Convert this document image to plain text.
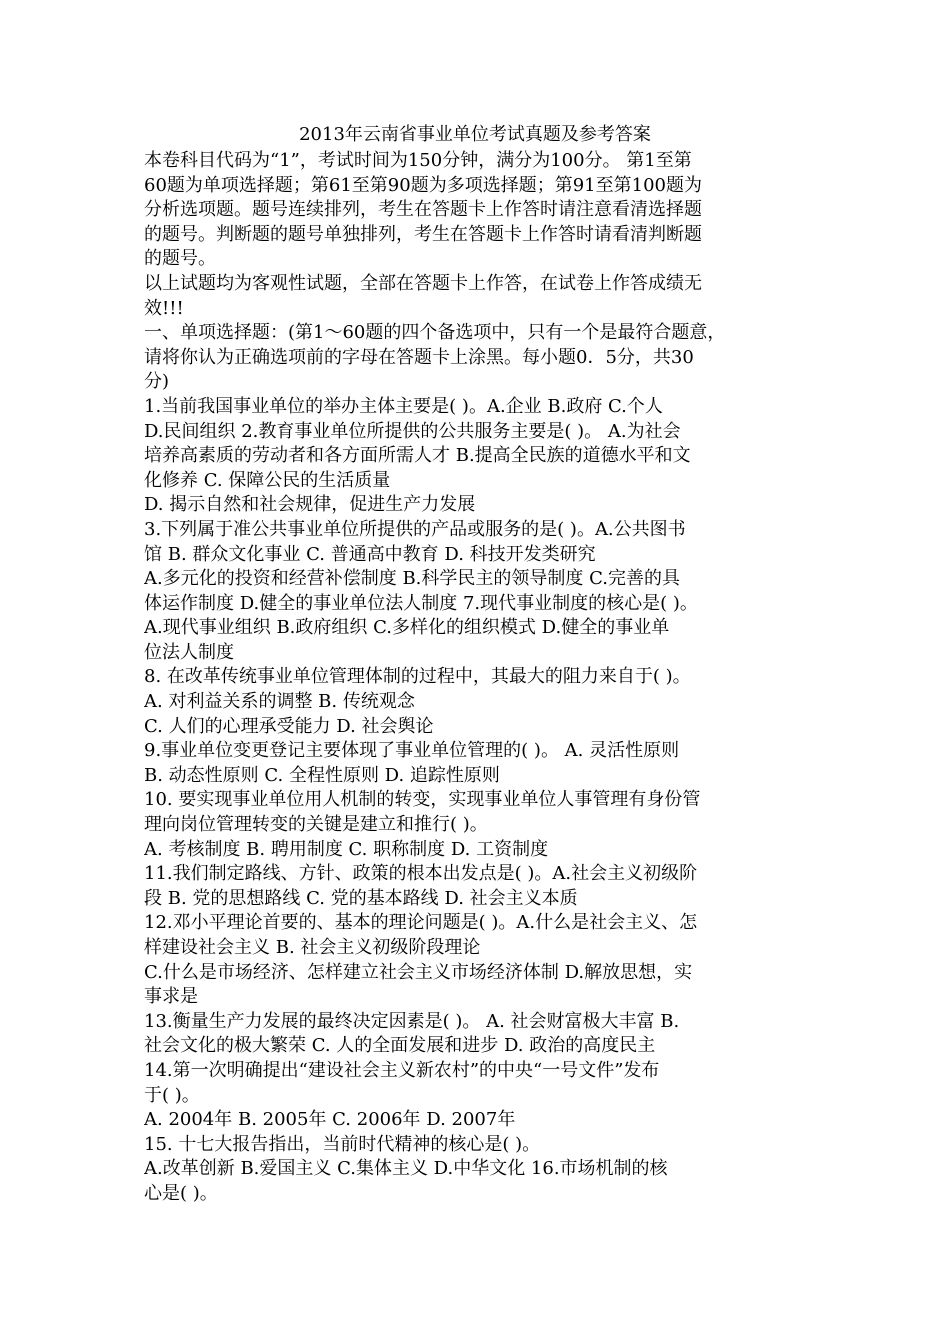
2013年云南省事业单位考试真题及参考答案
本卷科目代码为“1”，考试时间为150分钟，满分为100分。 第1至第
60题为单项选择题；第61至第90题为多项选择题；第91至第100题为
分析选项题。题号连续排列，考生在答题卡上作答时请注意看清选择题
的题号。判断题的题号单独排列，考生在答题卡上作答时请看清判断题
的题号。
以上试题均为客观性试题，全部在答题卡上作答，在试卷上作答成绩无
效!!!
一、单项选择题：(第1～60题的四个备选项中，只有一个是最符合题意，
请将你认为正确选项前的字母在答题卡上涂黑。每小题0．5分，共30
分)
1.当前我国事业单位的举办主体主要是( )。A.企业 B.政府 C.个人
D.民间组织 2.教育事业单位所提供的公共服务主要是( )。 A.为社会
培养高素质的劳动者和各方面所需人才 B.提高全民族的道德水平和文
化修养 C. 保障公民的生活质量
D. 揭示自然和社会规律，促进生产力发展
3.下列属于准公共事业单位所提供的产品或服务的是( )。A.公共图书
馆 B. 群众文化事业 C. 普通高中教育 D. 科技开发类研究
A.多元化的投资和经营补偿制度 B.科学民主的领导制度 C.完善的具
体运作制度 D.健全的事业单位法人制度 7.现代事业制度的核心是( )。
A.现代事业组织 B.政府组织 C.多样化的组织模式 D.健全的事业单
位法人制度
8. 在改革传统事业单位管理体制的过程中，其最大的阻力来自于( )。
A. 对利益关系的调整 B. 传统观念
C. 人们的心理承受能力 D. 社会舆论
9.事业单位变更登记主要体现了事业单位管理的( )。 A. 灵活性原则
B. 动态性原则 C. 全程性原则 D. 追踪性原则
10. 要实现事业单位用人机制的转变，实现事业单位人事管理有身份管
理向岗位管理转变的关键是建立和推行( )。
A. 考核制度 B. 聘用制度 C. 职称制度 D. 工资制度
11.我们制定路线、方针、政策的根本出发点是( )。A.社会主义初级阶
段 B. 党的思想路线 C. 党的基本路线 D. 社会主义本质
12.邓小平理论首要的、基本的理论问题是( )。A.什么是社会主义、怎
样建设社会主义 B. 社会主义初级阶段理论
C.什么是市场经济、怎样建立社会主义市场经济体制 D.解放思想，实
事求是
13.衡量生产力发展的最终决定因素是( )。 A. 社会财富极大丰富 B.
社会文化的极大繁荣 C. 人的全面发展和进步 D. 政治的高度民主
14.第一次明确提出“建设社会主义新农村”的中央“一号文件”发布
于( )。
A. 2004年 B. 2005年 C. 2006年 D. 2007年
15. 十七大报告指出，当前时代精神的核心是( )。
A.改革创新 B.爱国主义 C.集体主义 D.中华文化 16.市场机制的核
心是( )。
